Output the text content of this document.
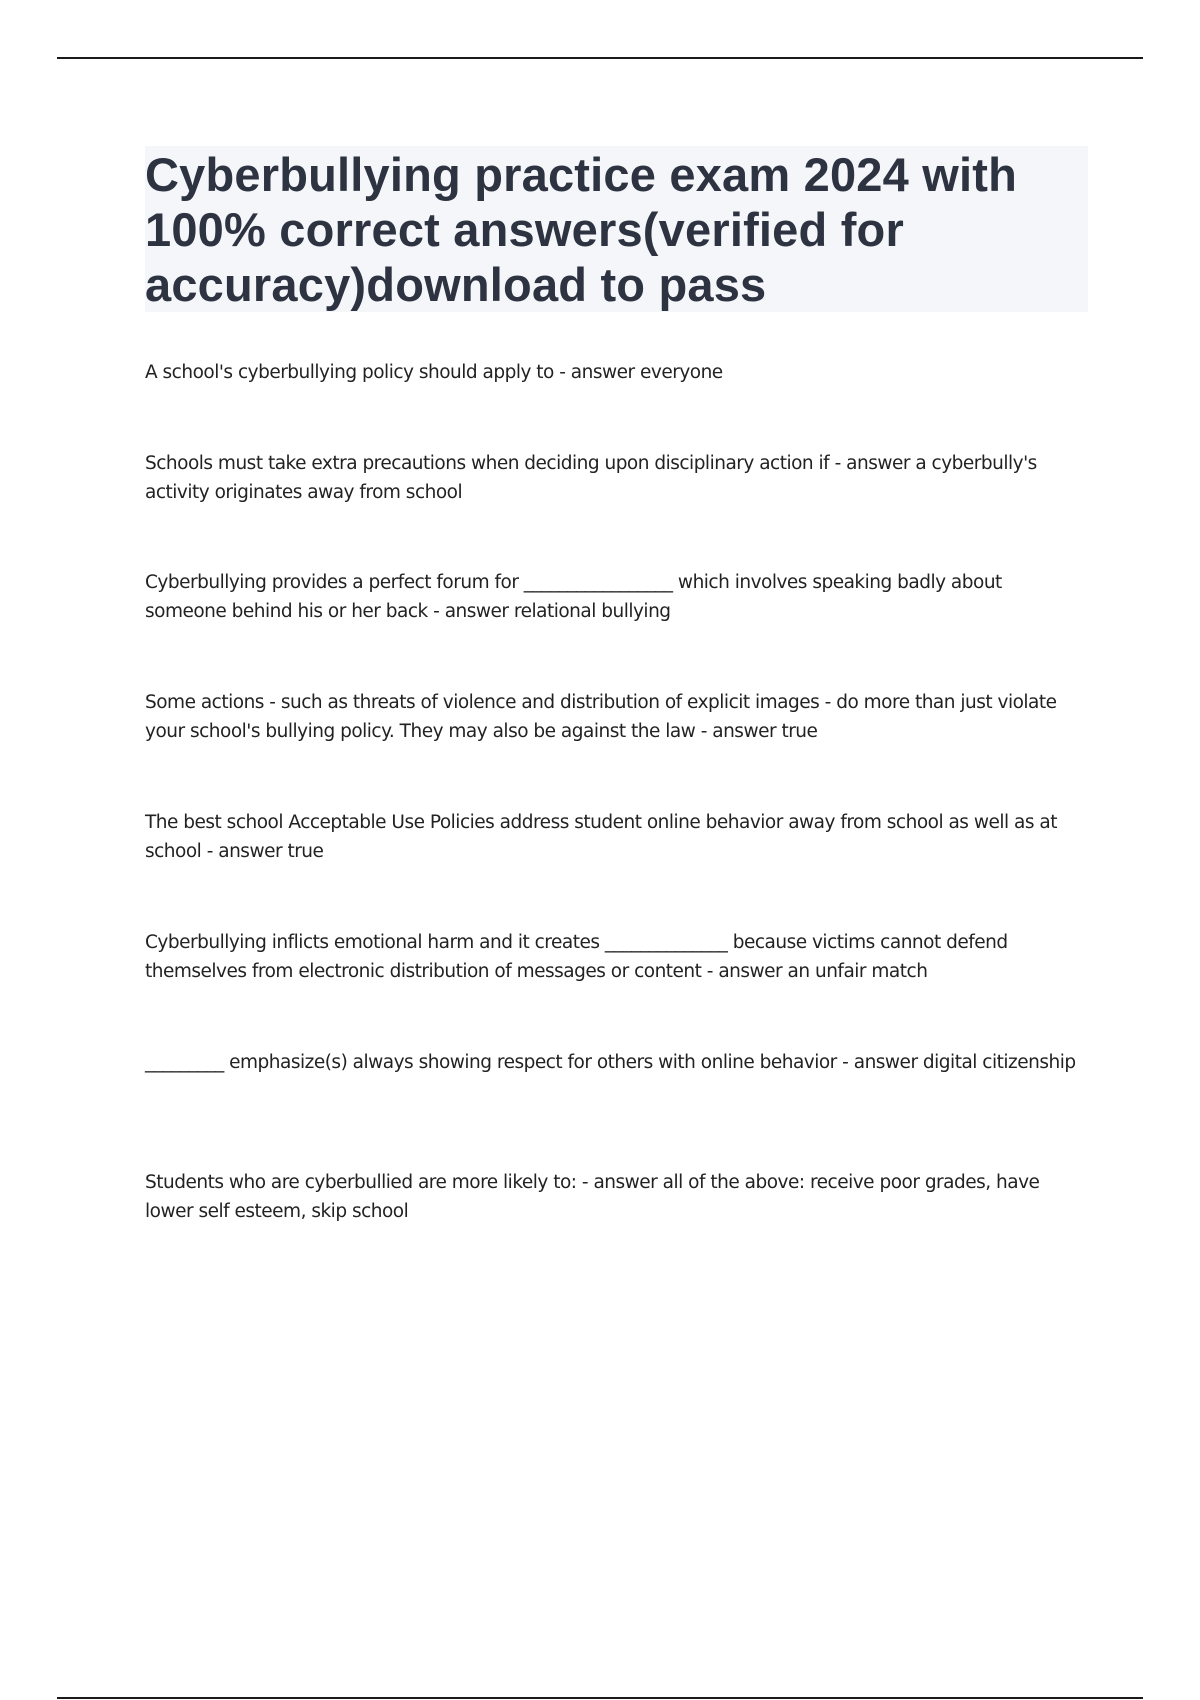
Cyberbullying practice exam 2024 with 100% correct answers(verified for accuracy)download to pass
A school's cyberbullying policy should apply to - answer everyone
Schools must take extra precautions when deciding upon disciplinary action if - answer a cyberbully's activity originates away from school
Cyberbullying provides a perfect forum for _________________ which involves speaking badly about someone behind his or her back - answer relational bullying
Some actions - such as threats of violence and distribution of explicit images - do more than just violate your school's bullying policy. They may also be against the law - answer true
The best school Acceptable Use Policies address student online behavior away from school as well as at school - answer true
Cyberbullying inflicts emotional harm and it creates ______________ because victims cannot defend themselves from electronic distribution of messages or content - answer an unfair match
_________ emphasize(s) always showing respect for others with online behavior - answer digital citizenship
Students who are cyberbullied are more likely to: - answer all of the above: receive poor grades, have lower self esteem, skip school
